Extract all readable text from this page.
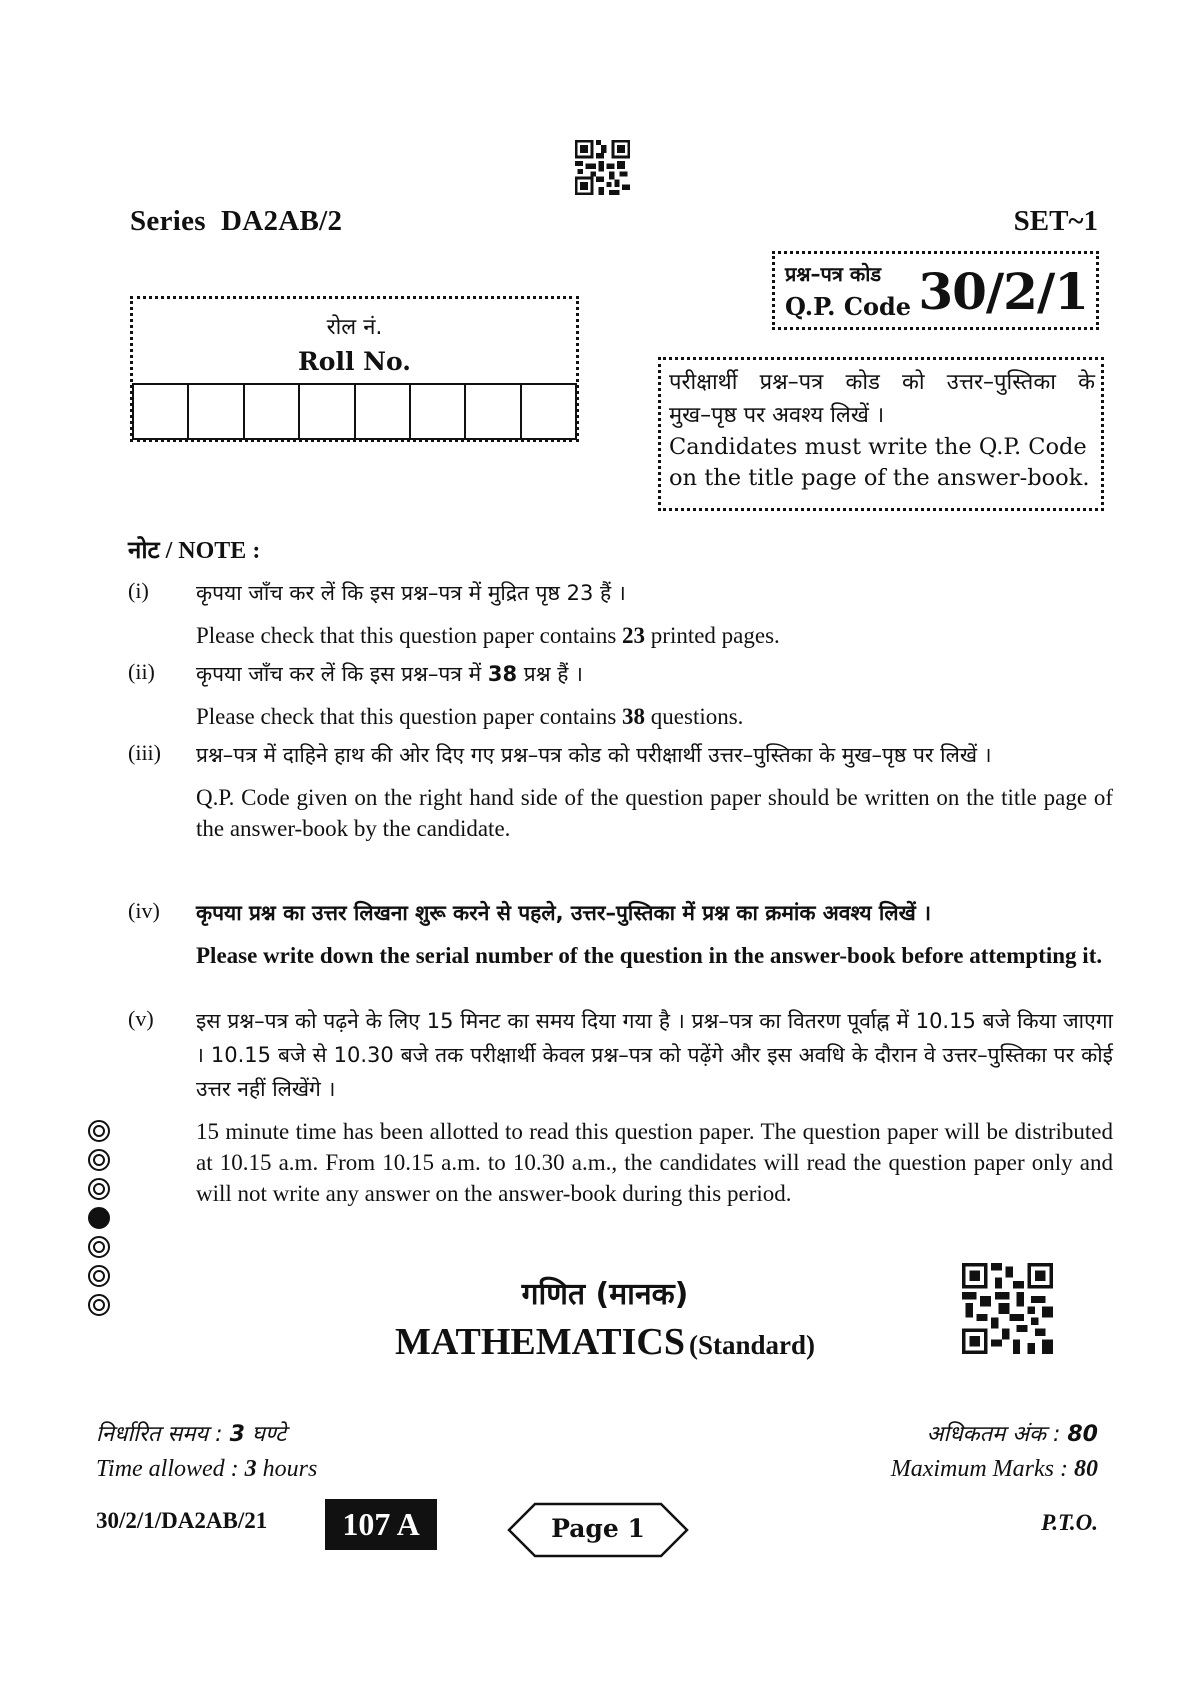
Series DA2AB/2	SET~1
प्रश्न–पत्र कोड
Q.P. Code 30/2/1
रोल नं.
Roll No.
परीक्षार्थी प्रश्न–पत्र कोड को उत्तर–पुस्तिका के
मुख–पृष्ठ पर अवश्य लिखें ।
Candidates must write the Q.P. Code
on the title page of the answer-book.
नोट / NOTE :
(i) कृपया जाँच कर लें कि इस प्रश्न–पत्र में मुद्रित पृष्ठ 23 हैं ।
Please check that this question paper contains 23 printed pages.
(ii) कृपया जाँच कर लें कि इस प्रश्न–पत्र में 38 प्रश्न हैं ।
Please check that this question paper contains 38 questions.
(iii) प्रश्न–पत्र में दाहिने हाथ की ओर दिए गए प्रश्न–पत्र कोड को परीक्षार्थी उत्तर–पुस्तिका के मुख–पृष्ठ पर लिखें ।
Q.P. Code given on the right hand side of the question paper should be written on the title page of the answer-book by the candidate.
(iv) कृपया प्रश्न का उत्तर लिखना शुरू करने से पहले, उत्तर–पुस्तिका में प्रश्न का क्रमांक अवश्य लिखें ।
Please write down the serial number of the question in the answer-book before attempting it.
(v) इस प्रश्न–पत्र को पढ़ने के लिए 15 मिनट का समय दिया गया है । प्रश्न–पत्र का वितरण पूर्वाह्न में 10.15 बजे किया जाएगा । 10.15 बजे से 10.30 बजे तक परीक्षार्थी केवल प्रश्न–पत्र को पढ़ेंगे और इस अवधि के दौरान वे उत्तर–पुस्तिका पर कोई उत्तर नहीं लिखेंगे ।
15 minute time has been allotted to read this question paper. The question paper will be distributed at 10.15 a.m. From 10.15 a.m. to 10.30 a.m., the candidates will read the question paper only and will not write any answer on the answer-book during this period.
गणित (मानक)
MATHEMATICS (Standard)
निर्धारित समय : 3 घण्टे
Time allowed : 3 hours
अधिकतम अंक : 80
Maximum Marks : 80
30/2/1/DA2AB/21	107 A	Page 1	P.T.O.
